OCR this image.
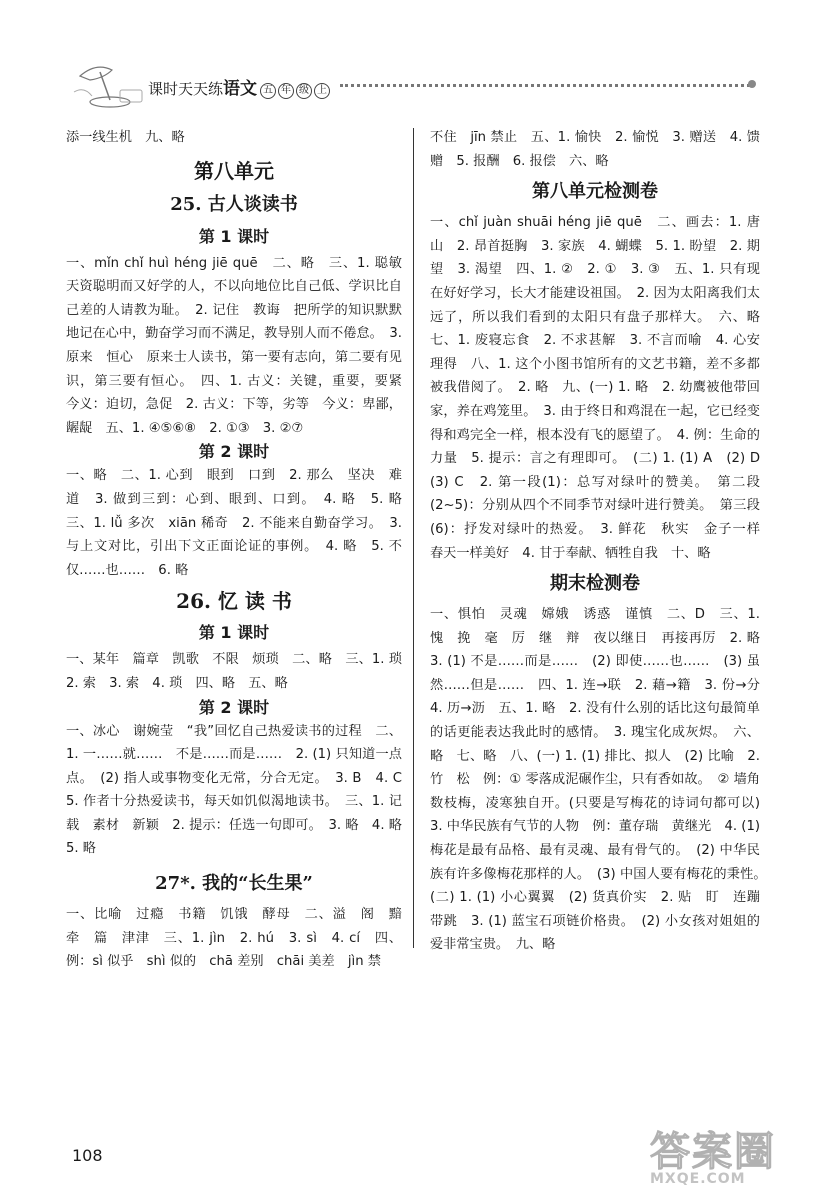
课时天天练语文 五 年 级 上

添一线生机　九、略

第八单元
25. 古人谈读书
第 1 课时

一、mǐn chǐ huì héng jiē quē　二、略　三、1. 聪敏　天资聪明而又好学的人，不以向地位比自己低、学识比自己差的人请教为耻。　2. 记住　教诲　把所学的知识默默地记在心中，勤奋学习而不满足，教导别人而不倦怠。　3. 原来　恒心　原来士人读书，第一要有志向，第二要有见识，第三要有恒心。　四、1. 古义：关键，重要，要紧　今义：迫切，急促　2. 古义：下等，劣等　今义：卑鄙，龌龊　五、1. ④⑤⑥⑧　2. ①③　3. ②⑦

第 2 课时

一、略　二、1. 心到　眼到　口到　2. 那么　坚决　难道　3. 做到三到：心到、眼到、口到。　4. 略　5. 略　三、1. lǚ 多次　xiān 稀奇　2. 不能来自勤奋学习。　3. 与上文对比，引出下文正面论证的事例。　4. 略　5. 不仅……也……　6. 略

26. 忆 读 书
第 1 课时

一、某年　篇章　凯歌　不限　烦琐　二、略　三、1. 琐　2. 索　3. 索　4. 琐　四、略　五、略

第 2 课时

一、冰心　谢婉莹　“我”回忆自己热爱读书的过程　二、1. 一……就……　不是……而是……　2. (1) 只知道一点点。　(2) 指人或事物变化无常，分合无定。　3. B　4. C　5. 作者十分热爱读书，每天如饥似渴地读书。　三、1. 记载　素材　新颖　2. 提示：任选一句即可。　3. 略　4. 略　5. 略

27*. 我的“长生果”

一、比喻　过瘾　书籍　饥饿　酵母　二、溢　阁　黯　牵　篇　津津　三、1. jìn　2. hú　3. sì　4. cí　四、例：sì 似乎　shì 似的　chā 差别　chāi 美差　jìn 禁

不住　jīn 禁止　五、1. 愉快　2. 愉悦　3. 赠送　4. 馈赠　5. 报酬　6. 报偿　六、略

第八单元检测卷

一、chǐ juàn shuāi héng jiē quē　二、画去：1. 唐　山　2. 昂首挺胸　3. 家族　4. 蝴蝶　5. 1. 盼望　2. 期望　3. 渴望　四、1. ②　2. ①　3. ③　五、1. 只有现在好好学习，长大才能建设祖国。　2. 因为太阳离我们太远了，所以我们看到的太阳只有盘子那样大。　六、略　七、1. 废寝忘食　2. 不求甚解　3. 不言而喻　4. 心安理得　八、1. 这个小图书馆所有的文艺书籍，差不多都被我借阅了。　2. 略　九、(一) 1. 略　2. 幼鹰被他带回家，养在鸡笼里。　3. 由于终日和鸡混在一起，它已经变得和鸡完全一样，根本没有飞的愿望了。　4. 例：生命的力量　5. 提示：言之有理即可。　(二) 1. (1) A　(2) D　(3) C　2. 第一段(1)：总写对绿叶的赞美。　第二段(2~5)：分别从四个不同季节对绿叶进行赞美。　第三段(6)：抒发对绿叶的热爱。　3. 鲜花　秋实　金子一样　春天一样美好　4. 甘于奉献、牺牲自我　十、略

期末检测卷

一、惧怕　灵魂　嫦娥　诱惑　谨慎　二、D　三、1. 愧　挽　毫　厉　继　辩　夜以继日　再接再厉　2. 略　3. (1) 不是……而是……　(2) 即使……也……　(3) 虽然……但是……　四、1. 连→联　2. 藉→籍　3. 份→分　4. 历→沥　五、1. 略　2. 没有什么别的话比这句最简单的话更能表达我此时的感情。　3. 瑰宝化成灰烬。　六、略　七、略　八、(一) 1. (1) 排比、拟人　(2) 比喻　2. 竹　松　例：① 零落成泥碾作尘，只有香如故。　② 墙角数枝梅，凌寒独自开。(只要是写梅花的诗词句都可以)　3. 中华民族有气节的人物　例：董存瑞　黄继光　4. (1) 梅花是最有品格、最有灵魂、最有骨气的。　(2) 中华民族有许多像梅花那样的人。　(3) 中国人要有梅花的秉性。　(二) 1. (1) 小心翼翼　(2) 货真价实　2. 贴　盯　连蹦带跳　3. (1) 蓝宝石项链价格贵。　(2) 小女孩对姐姐的爱非常宝贵。　九、略

108	答案圈
MXQE.COM
